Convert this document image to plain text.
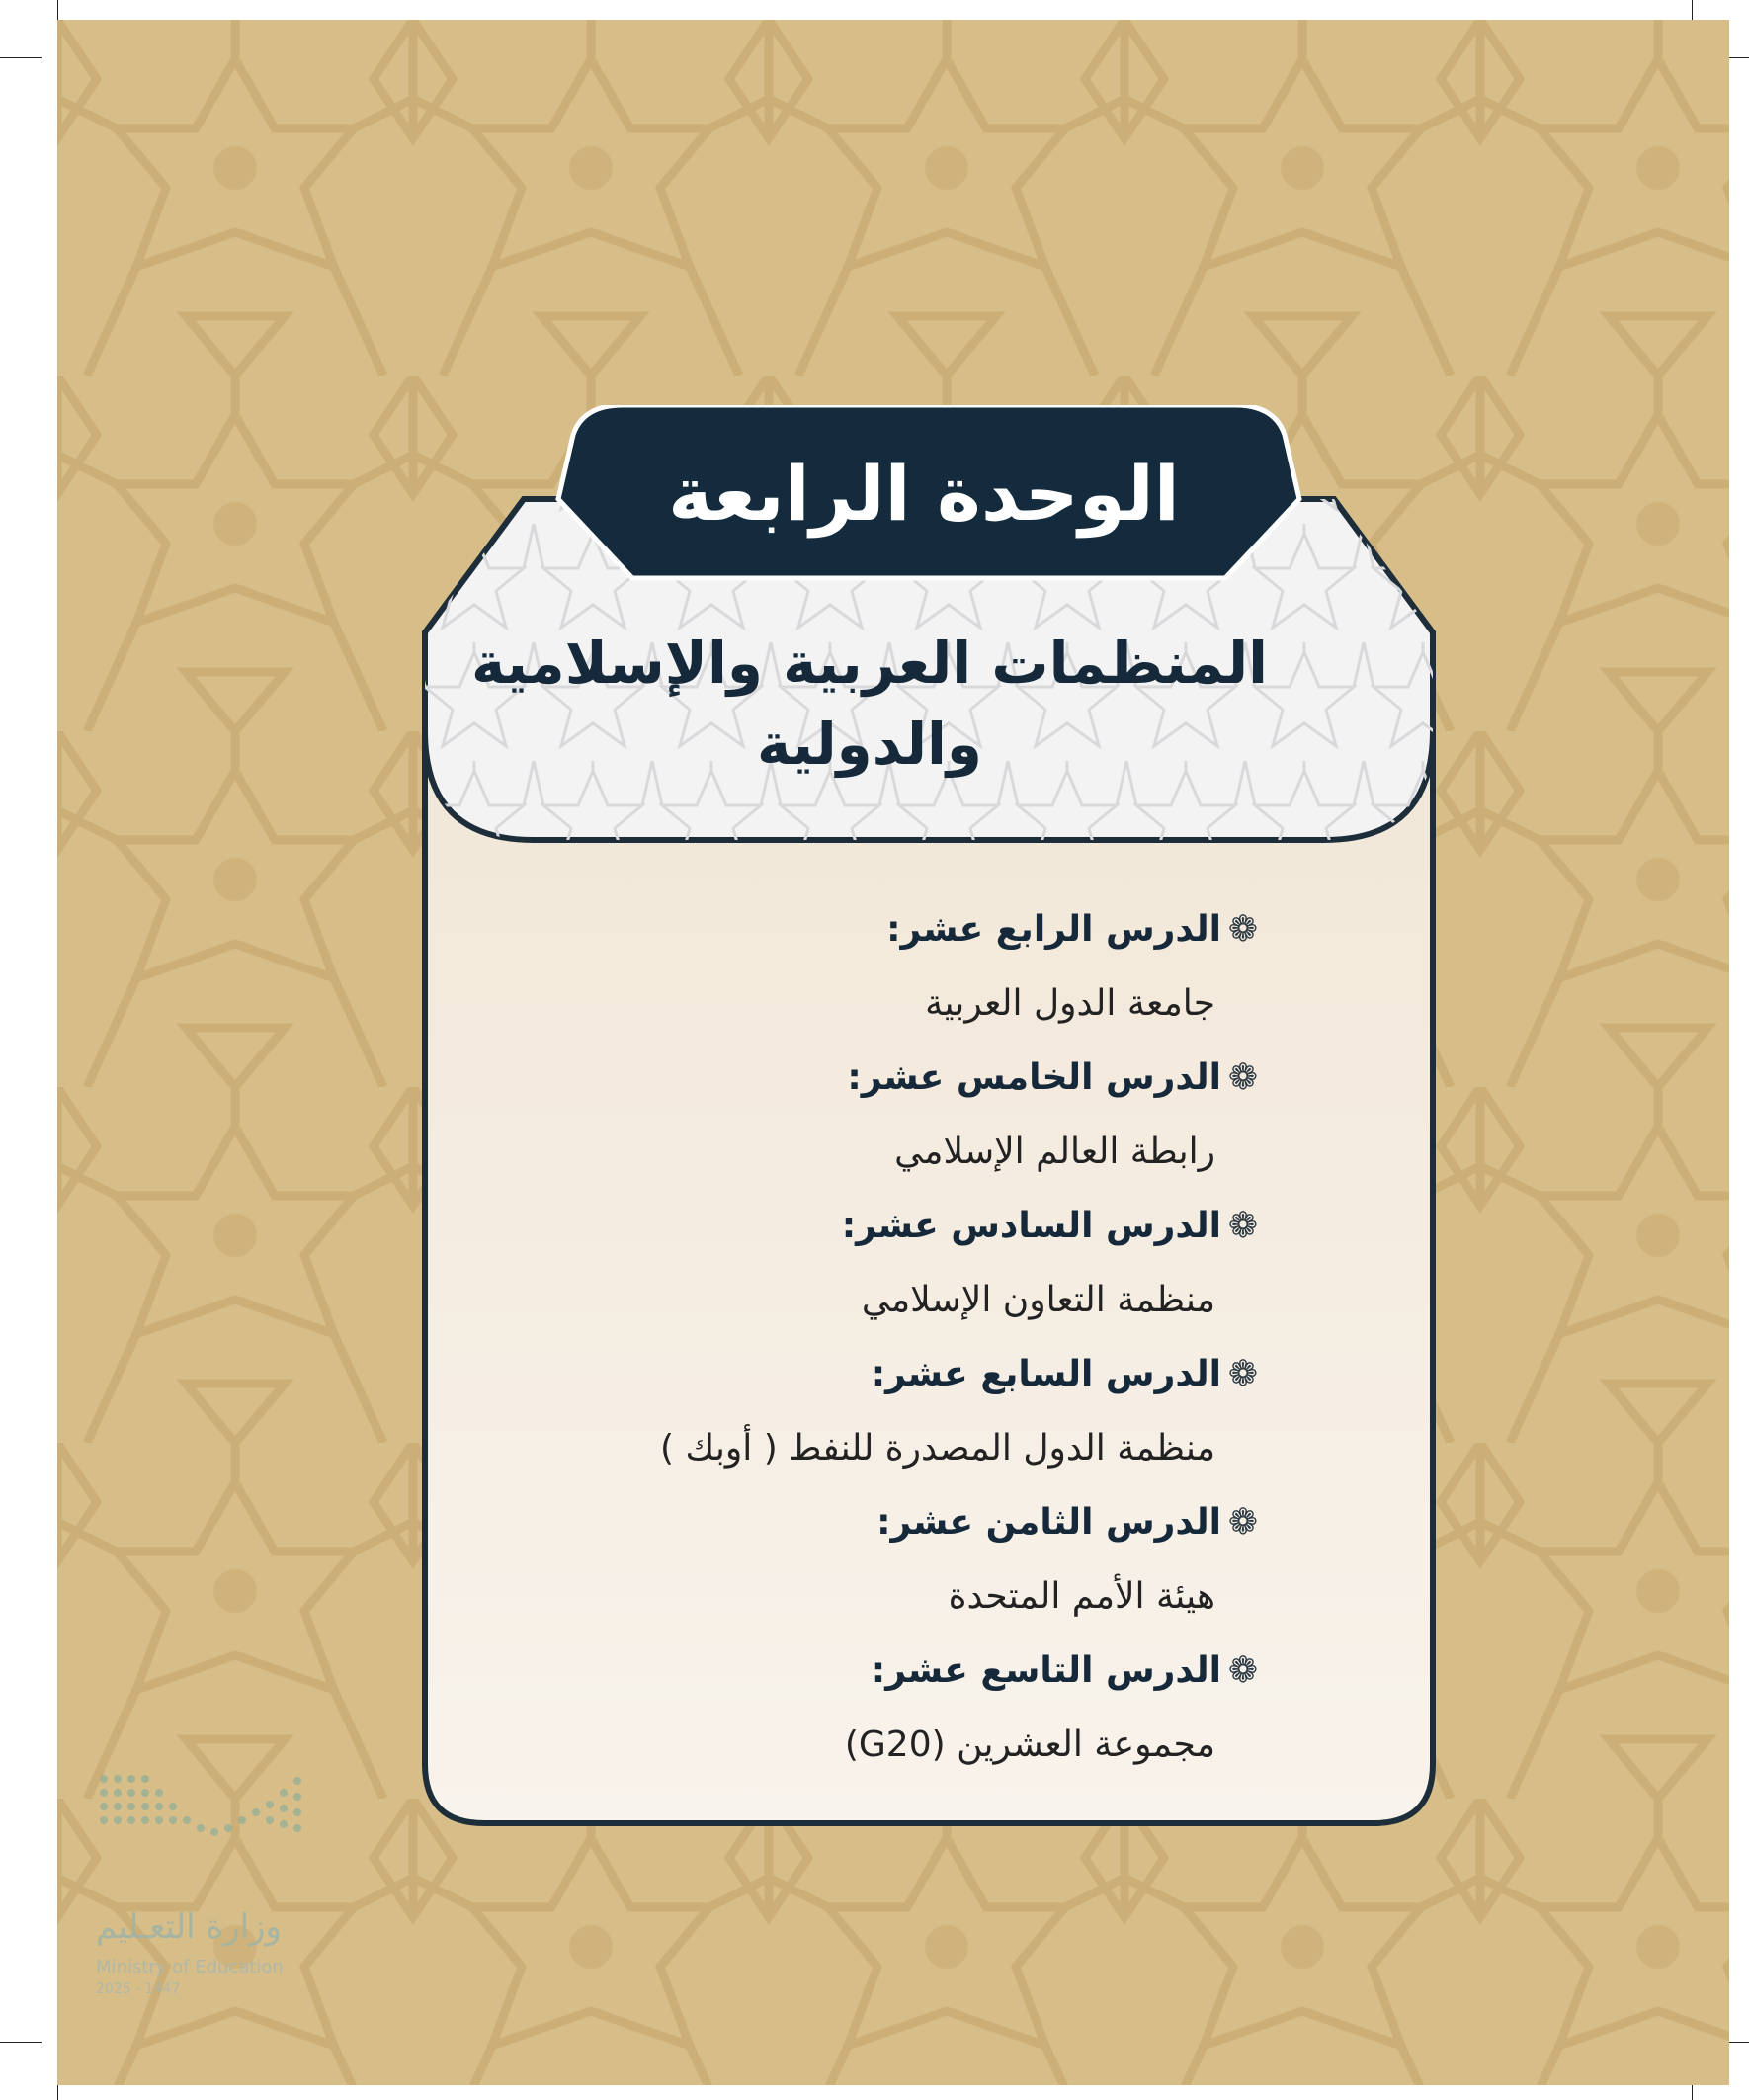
الوحدة الرابعة
المنظمات العربية والإسلامية
والدولية
❁الدرس الرابع عشر:
جامعة الدول العربية
❁الدرس الخامس عشر:
رابطة العالم الإسلامي
❁الدرس السادس عشر:
منظمة التعاون الإسلامي
❁الدرس السابع عشر:
منظمة الدول المصدرة للنفط ( أوبك )
❁الدرس الثامن عشر:
هيئة الأمم المتحدة
❁الدرس التاسع عشر:
مجموعة العشرين (G20)
وزارة التعـليم
Ministry of Education
2025 - 1447
